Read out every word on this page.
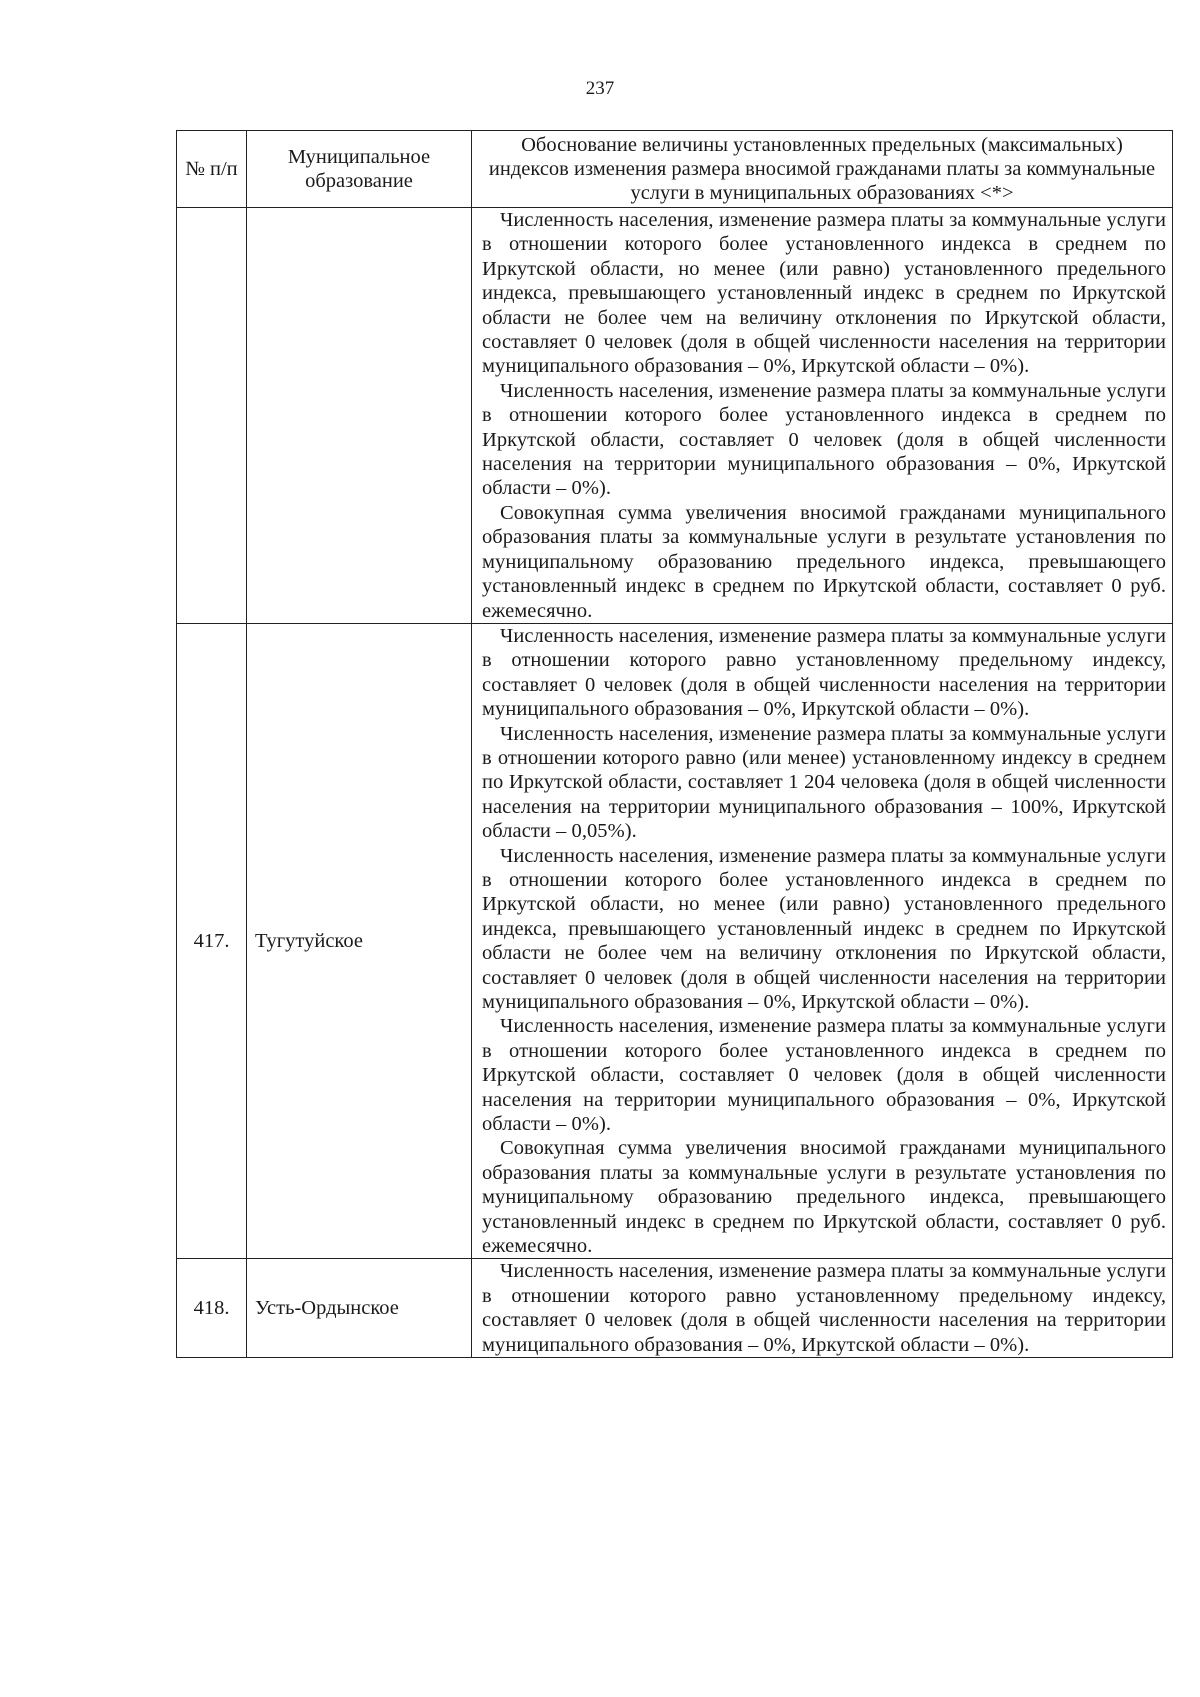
237
№ п/п	Муниципальное образование	Обоснование величины установленных предельных (максимальных) индексов изменения размера вносимой гражданами платы за коммунальные услуги в муниципальных образованиях <*>

		Численность населения, изменение размера платы за коммунальные услуги в отношении которого более установленного индекса в среднем по Иркутской области, но менее (или равно) установленного предельного индекса, превышающего установленный индекс в среднем по Иркутской области не более чем на величину отклонения по Иркутской области, составляет 0 человек (доля в общей численности населения на территории муниципального образования – 0%, Иркутской области – 0%).

Численность населения, изменение размера платы за коммунальные услуги в отношении которого более установленного индекса в среднем по Иркутской области, составляет 0 человек (доля в общей численности населения на территории муниципального образования – 0%, Иркутской области – 0%).

Совокупная сумма увеличения вносимой гражданами муниципального образования платы за коммунальные услуги в результате установления по муниципальному образованию предельного индекса, превышающего установленный индекс в среднем по Иркутской области, составляет 0 руб. ежемесячно.

417.	Тугутуйское	Численность населения, изменение размера платы за коммунальные услуги в отношении которого равно установленному предельному индексу, составляет 0 человек (доля в общей численности населения на территории муниципального образования – 0%, Иркутской области – 0%).

Численность населения, изменение размера платы за коммунальные услуги в отношении которого равно (или менее) установленному индексу в среднем по Иркутской области, составляет 1 204 человека (доля в общей численности населения на территории муниципального образования – 100%, Иркутской области – 0,05%).

Численность населения, изменение размера платы за коммунальные услуги в отношении которого более установленного индекса в среднем по Иркутской области, но менее (или равно) установленного предельного индекса, превышающего установленный индекс в среднем по Иркутской области не более чем на величину отклонения по Иркутской области, составляет 0 человек (доля в общей численности населения на территории муниципального образования – 0%, Иркутской области – 0%).

Численность населения, изменение размера платы за коммунальные услуги в отношении которого более установленного индекса в среднем по Иркутской области, составляет 0 человек (доля в общей численности населения на территории муниципального образования – 0%, Иркутской области – 0%).

Совокупная сумма увеличения вносимой гражданами муниципального образования платы за коммунальные услуги в результате установления по муниципальному образованию предельного индекса, превышающего установленный индекс в среднем по Иркутской области, составляет 0 руб. ежемесячно.

418.	Усть-Ордынское	Численность населения, изменение размера платы за коммунальные услуги в отношении которого равно установленному предельному индексу, составляет 0 человек (доля в общей численности населения на территории муниципального образования – 0%, Иркутской области – 0%).
